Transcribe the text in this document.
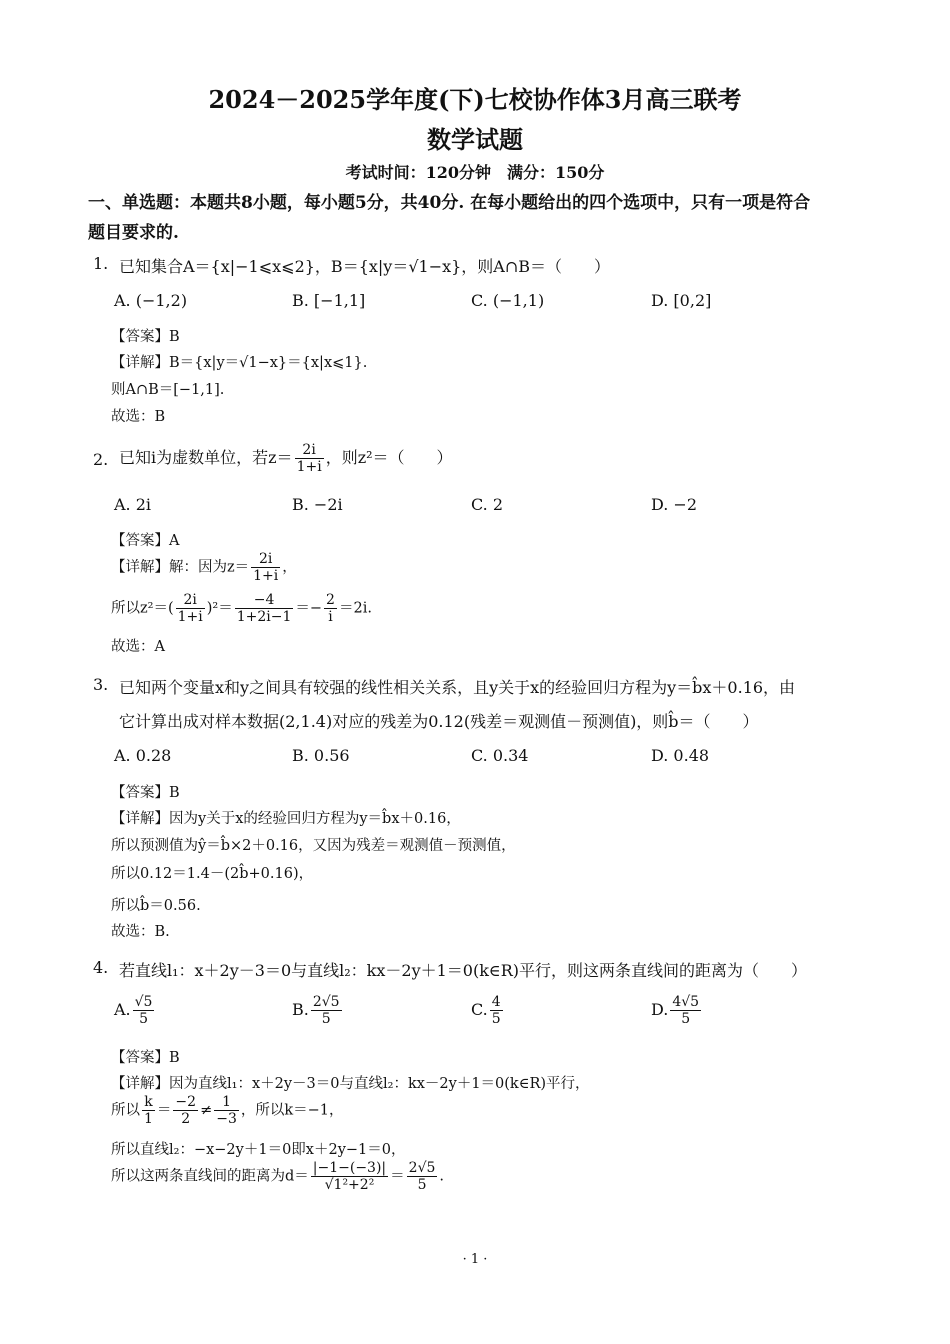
2024－2025学年度(下)七校协作体3月高三联考
数学试题
考试时间：120分钟　满分：150分
一、单选题：本题共8小题，每小题5分，共40分. 在每小题给出的四个选项中，只有一项是符合
题目要求的.
1. 已知集合A＝{x|−1⩽x⩽2}，B＝{x|y＝√1−x}，则A∩B＝（　　）
A. (−1,2)	B. [−1,1]	C. (−1,1)	D. [0,2]
【答案】B
【详解】B＝{x|y＝√1−x}＝{x|x⩽1}.
则A∩B＝[−1,1].
故选：B
2. 已知i为虚数单位，若$z= \frac{2i}{1+i}$ ，则z²＝（　　）
A. 2i	B. −2i	C. 2	D. −2
【答案】A
【详解】解：因为$z= \frac{2i}{1+i}$ ，
所以$z^2=( \frac{2i}{1+i} )^2= \frac{-4}{1+2i-1} =- \frac{2}{i} =2i$.
故选：A
3. 已知两个变量x和y之间具有较强的线性相关关系，且y关于x的经验回归方程为y＝b̂x＋0.16，由
它计算出成对样本数据(2,1.4)对应的残差为0.12(残差＝观测值－预测值)，则b̂＝（　　）
A. 0.28	B. 0.56	C. 0.34	D. 0.48
【答案】B
【详解】因为y关于x的经验回归方程为y＝b̂x＋0.16，
所以预测值为ŷ＝b̂×2＋0.16，又因为残差＝观测值－预测值，
所以0.12＝1.4－(2b̂+0.16)，
所以b̂＝0.56.
故选：B.
4. 若直线l₁：x＋2y－3＝0与直线l₂：kx－2y＋1＝0(k∈R)平行，则这两条直线间的距离为（　　）
A. $\frac{√5}{5}$	B. $\frac{2√5}{5}$	C. $\frac{4}{5}$	D. $\frac{4√5}{5}$
【答案】B
【详解】因为直线l₁：x＋2y－3＝0与直线l₂：kx－2y＋1＝0(k∈R)平行，
所以 $\frac{k}{1} = \frac{-2}{2} \ne \frac{1}{-3}$ ，所以k＝−1，
所以直线l₂：−x−2y＋1＝0即x＋2y−1＝0，
所以这两条直线间的距离为$d= \frac{|-1-(-3)|}{\text{√1²+2²}} = \frac{2√5}{5}$ .
· 1 ·
